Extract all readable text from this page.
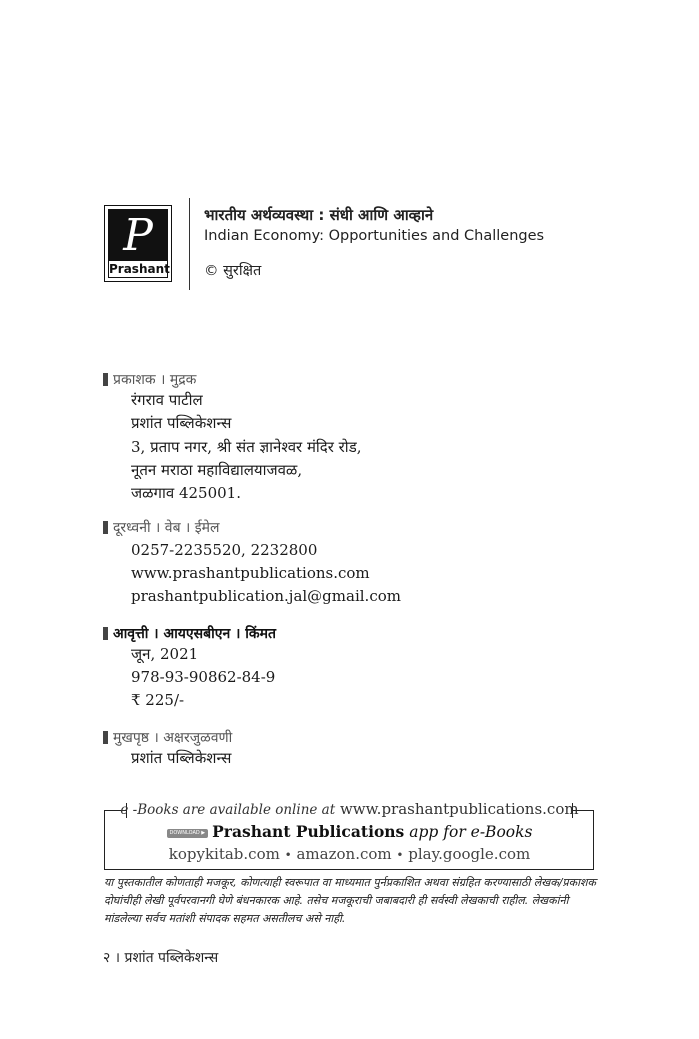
P
Prashant
भारतीय अर्थव्यवस्था : संधी आणि आव्हाने
Indian Economy: Opportunities and Challenges
© सुरक्षित
प्रकाशक । मुद्रक
रंगराव पाटील
प्रशांत पब्लिकेशन्स
3, प्रताप नगर, श्री संत ज्ञानेश्वर मंदिर रोड,
नूतन मराठा महाविद्यालयाजवळ,
जळगाव 425001.
दूरध्वनी । वेब । ईमेल
0257-2235520, 2232800
www.prashantpublications.com
prashantpublication.jal@gmail.com
आवृत्ती । आयएसबीएन । किंमत
जून, 2021
978-93-90862-84-9
₹ 225/-
मुखपृष्ठ । अक्षरजुळवणी
प्रशांत पब्लिकेशन्स
e -Books are available online at www.prashantpublications.com
DOWNLOAD ▶ Prashant Publications app for e-Books
kopykitab.com • amazon.com • play.google.com
या पुस्तकातील कोणताही मजकूर, कोणत्याही स्वरूपात वा माध्यमात पुर्नप्रकाशित अथवा संग्रहित करण्यासाठी लेखक/प्रकाशक दोघांचीही लेखी पूर्वपरवानगी घेणे बंधनकारक आहे. तसेच मजकूराची जबाबदारी ही सर्वस्वी लेखकाची राहील. लेखकांनी मांडलेल्या सर्वच मतांशी संपादक सहमत असतीलच असे नाही.
२ । प्रशांत पब्लिकेशन्स
